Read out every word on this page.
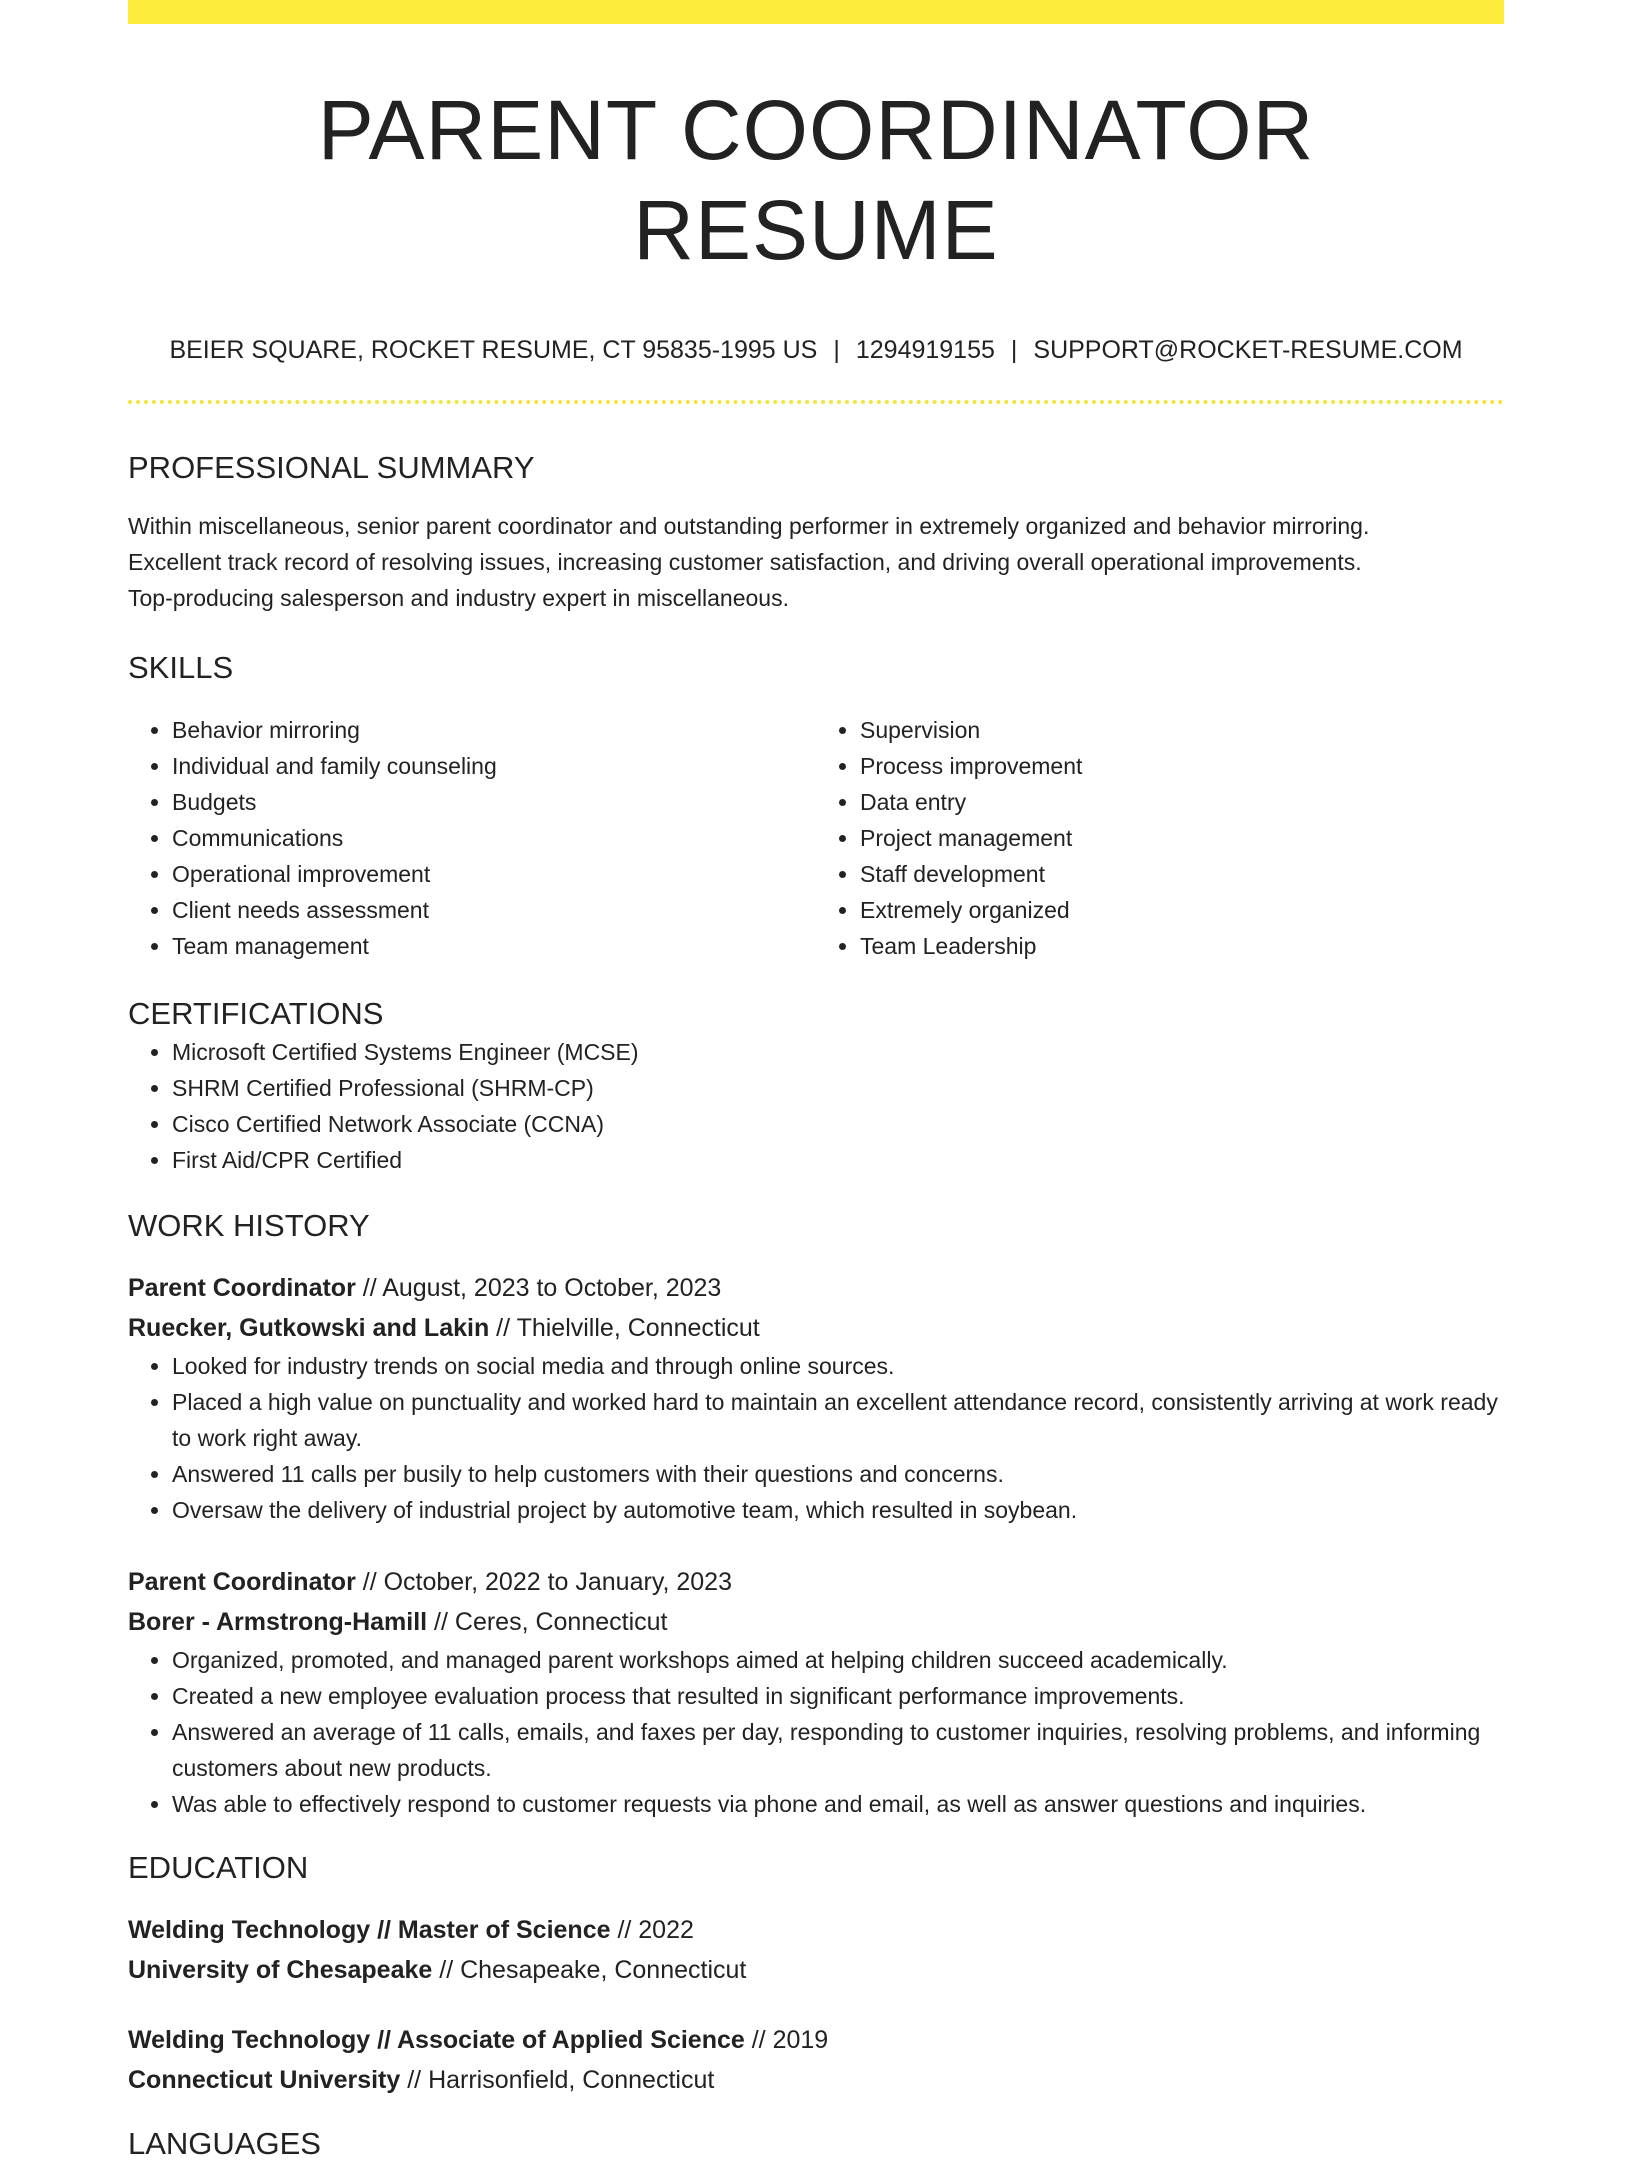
PARENT COORDINATOR RESUME
BEIER SQUARE, ROCKET RESUME, CT 95835-1995 US | 1294919155 | SUPPORT@ROCKET-RESUME.COM
PROFESSIONAL SUMMARY
Within miscellaneous, senior parent coordinator and outstanding performer in extremely organized and behavior mirroring.
Excellent track record of resolving issues, increasing customer satisfaction, and driving overall operational improvements.
Top-producing salesperson and industry expert in miscellaneous.
SKILLS
• Behavior mirroring
• Individual and family counseling
• Budgets
• Communications
• Operational improvement
• Client needs assessment
• Team management
• Supervision
• Process improvement
• Data entry
• Project management
• Staff development
• Extremely organized
• Team Leadership
CERTIFICATIONS
• Microsoft Certified Systems Engineer (MCSE)
• SHRM Certified Professional (SHRM-CP)
• Cisco Certified Network Associate (CCNA)
• First Aid/CPR Certified
WORK HISTORY
Parent Coordinator // August, 2023 to October, 2023
Ruecker, Gutkowski and Lakin // Thielville, Connecticut
• Looked for industry trends on social media and through online sources.
• Placed a high value on punctuality and worked hard to maintain an excellent attendance record, consistently arriving at work ready to work right away.
• Answered 11 calls per busily to help customers with their questions and concerns.
• Oversaw the delivery of industrial project by automotive team, which resulted in soybean.
Parent Coordinator // October, 2022 to January, 2023
Borer - Armstrong-Hamill // Ceres, Connecticut
• Organized, promoted, and managed parent workshops aimed at helping children succeed academically.
• Created a new employee evaluation process that resulted in significant performance improvements.
• Answered an average of 11 calls, emails, and faxes per day, responding to customer inquiries, resolving problems, and informing customers about new products.
• Was able to effectively respond to customer requests via phone and email, as well as answer questions and inquiries.
EDUCATION
Welding Technology // Master of Science // 2022
University of Chesapeake // Chesapeake, Connecticut
Welding Technology // Associate of Applied Science // 2019
Connecticut University // Harrisonfield, Connecticut
LANGUAGES
